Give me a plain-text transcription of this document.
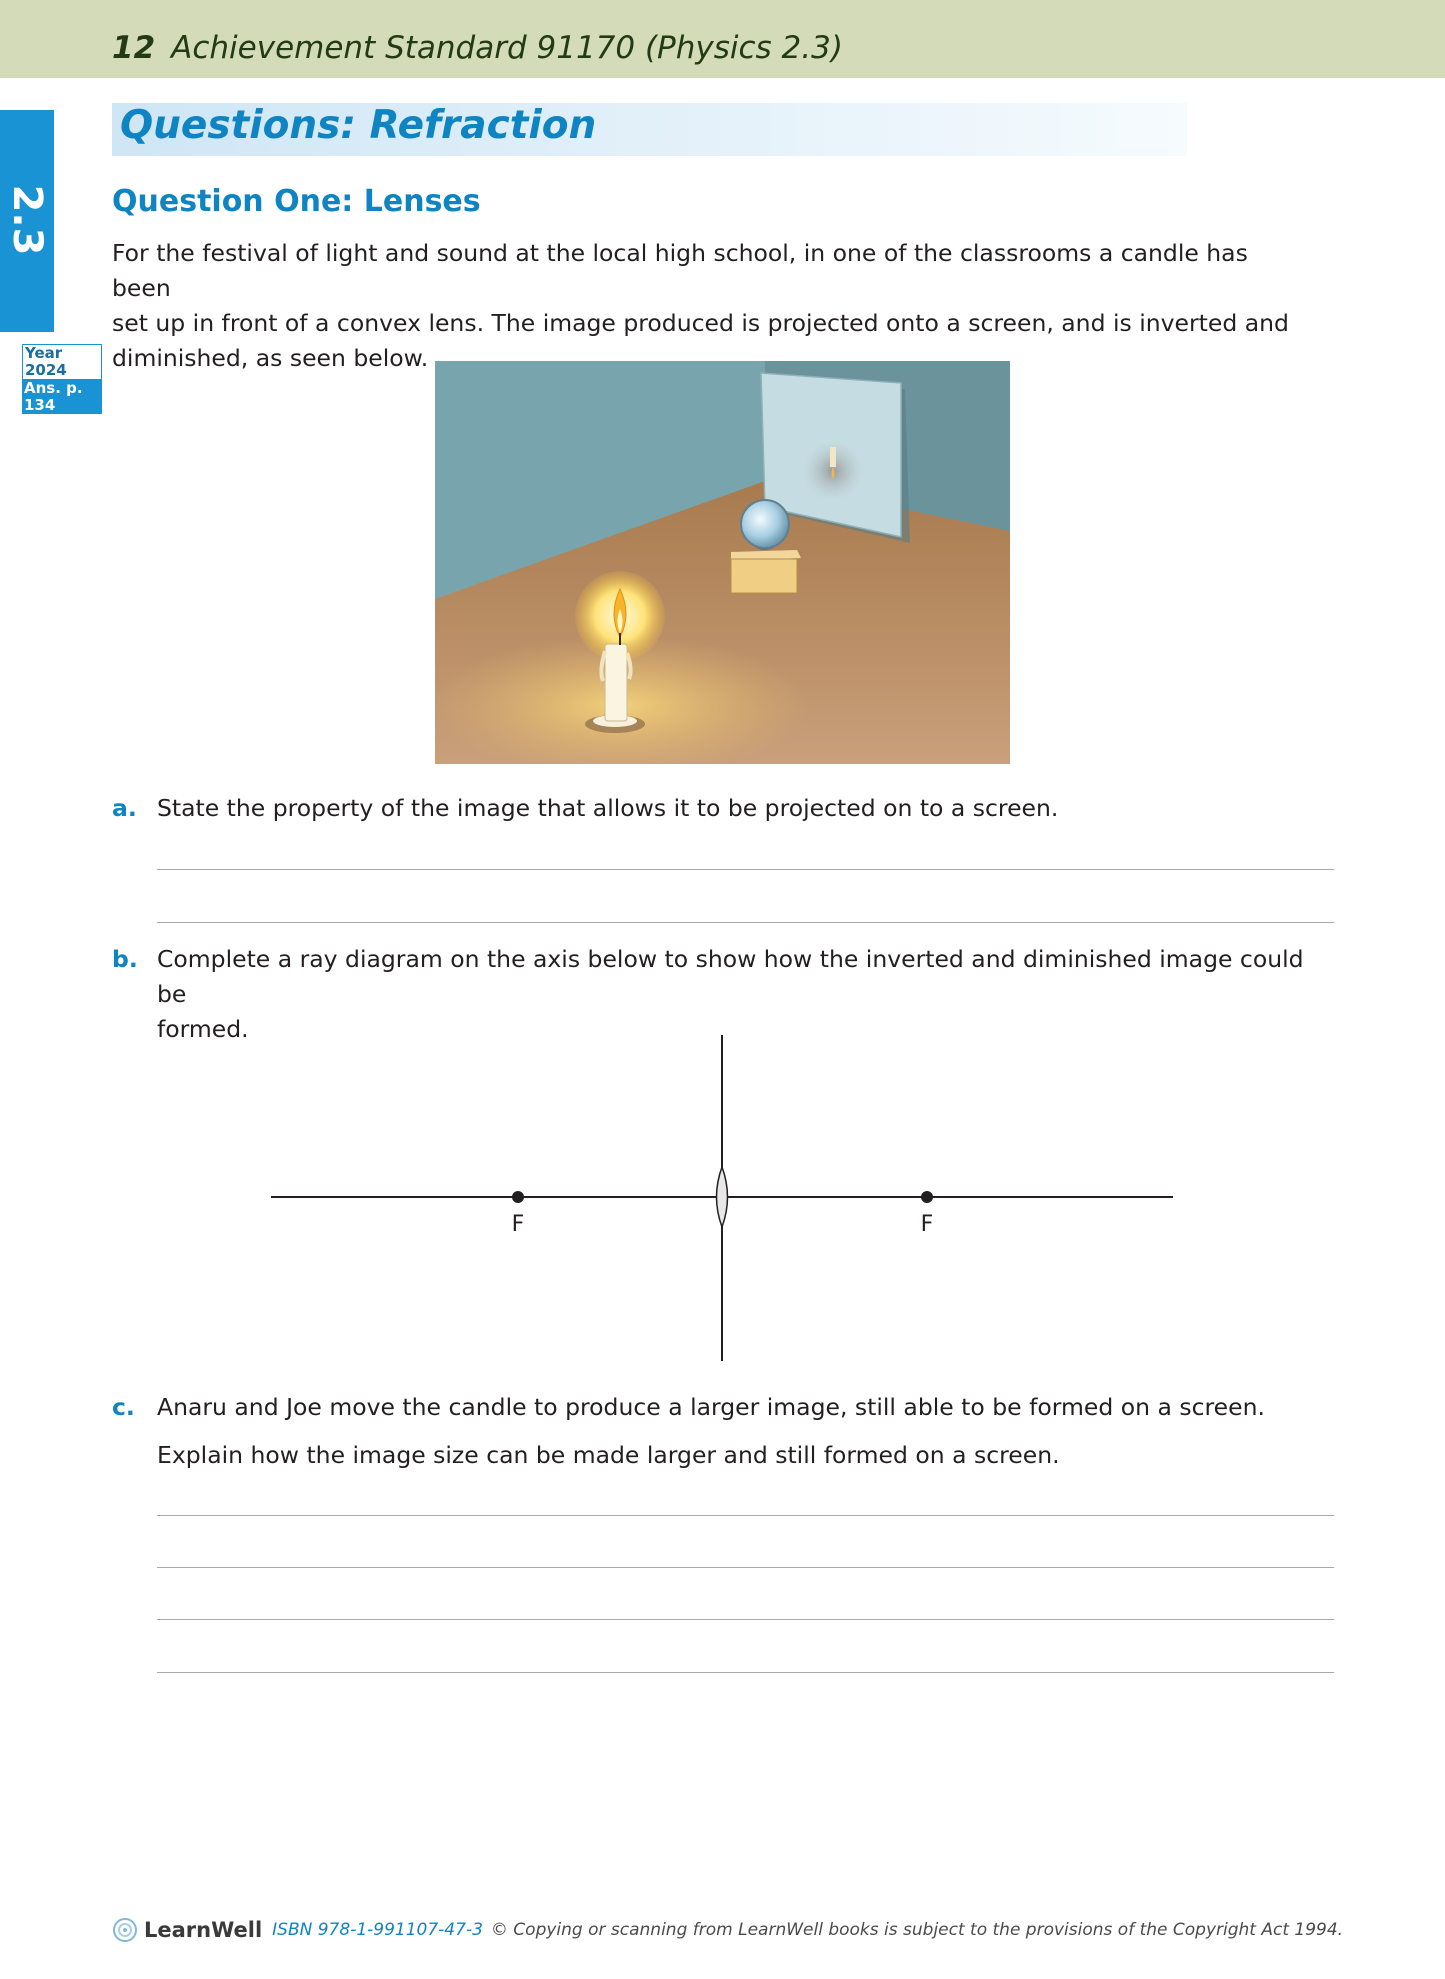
12 Achievement Standard 91170 (Physics 2.3)
2.3
Year 2024
Ans. p. 134
Questions: Refraction
Question One: Lenses

For the festival of light and sound at the local high school, in one of the classrooms a candle has been
set up in front of a convex lens. The image produced is projected onto a screen, and is inverted and
diminished, as seen below.

a. State the property of the image that allows it to be projected on to a screen.

b. Complete a ray diagram on the axis below to show how the inverted and diminished image could be
formed.

F	F
c. Anaru and Joe move the candle to produce a larger image, still able to be formed on a screen.

Explain how the image size can be made larger and still formed on a screen.

LearnWell ISBN 978-1-991107-47-3 © Copying or scanning from LearnWell books is subject to the provisions of the Copyright Act 1994.
